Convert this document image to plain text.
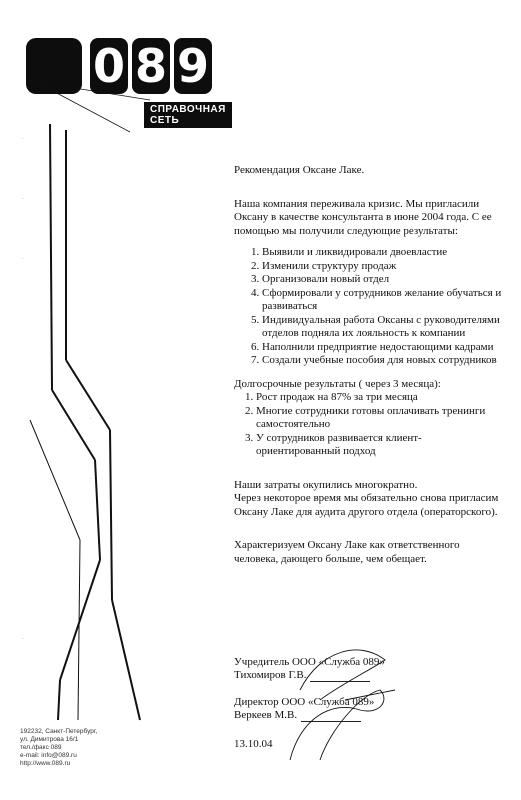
0 8 9
СПРАВОЧНАЯ СЕТЬ
·
·
·
·
·
·
192232, Санкт-Петербург,
ул. Димитрова 16/1
тел./факс 089
e-mail: info@089.ru
http://www.089.ru

Рекомендация Оксане Лаке.

Наша компания переживала кризис. Мы пригласили Оксану в качестве консультанта в июне 2004 года. С ее помощью мы получили следующие результаты:

1. Выявили и ликвидировали двоевластие
2. Изменили структуру продаж
3. Организовали новый отдел
4. Сформировали у сотрудников желание обучаться и развиваться
5. Индивидуальная работа Оксаны с руководителями отделов подняла их лояльность к компании
6. Наполнили предприятие недостающими кадрами
7. Создали учебные пособия для новых сотрудников

Долгосрочные результаты ( через 3 месяца):

1. Рост продаж на 87% за три месяца
2. Многие сотрудники готовы оплачивать тренинги самостоятельно
3. У сотрудников развивается клиент-ориентированный подход

Наши затраты окупились многократно.

Через некоторое время мы обязательно снова пригласим Оксану Лаке для аудита другого отдела (операторского).

Характеризуем Оксану Лаке как ответственного человека, дающего больше, чем обещает.

Учредитель ООО «Служба 089»
Тихомиров Г.В.
Директор ООО «Служба 089»
Веркеев М.В.
13.10.04
